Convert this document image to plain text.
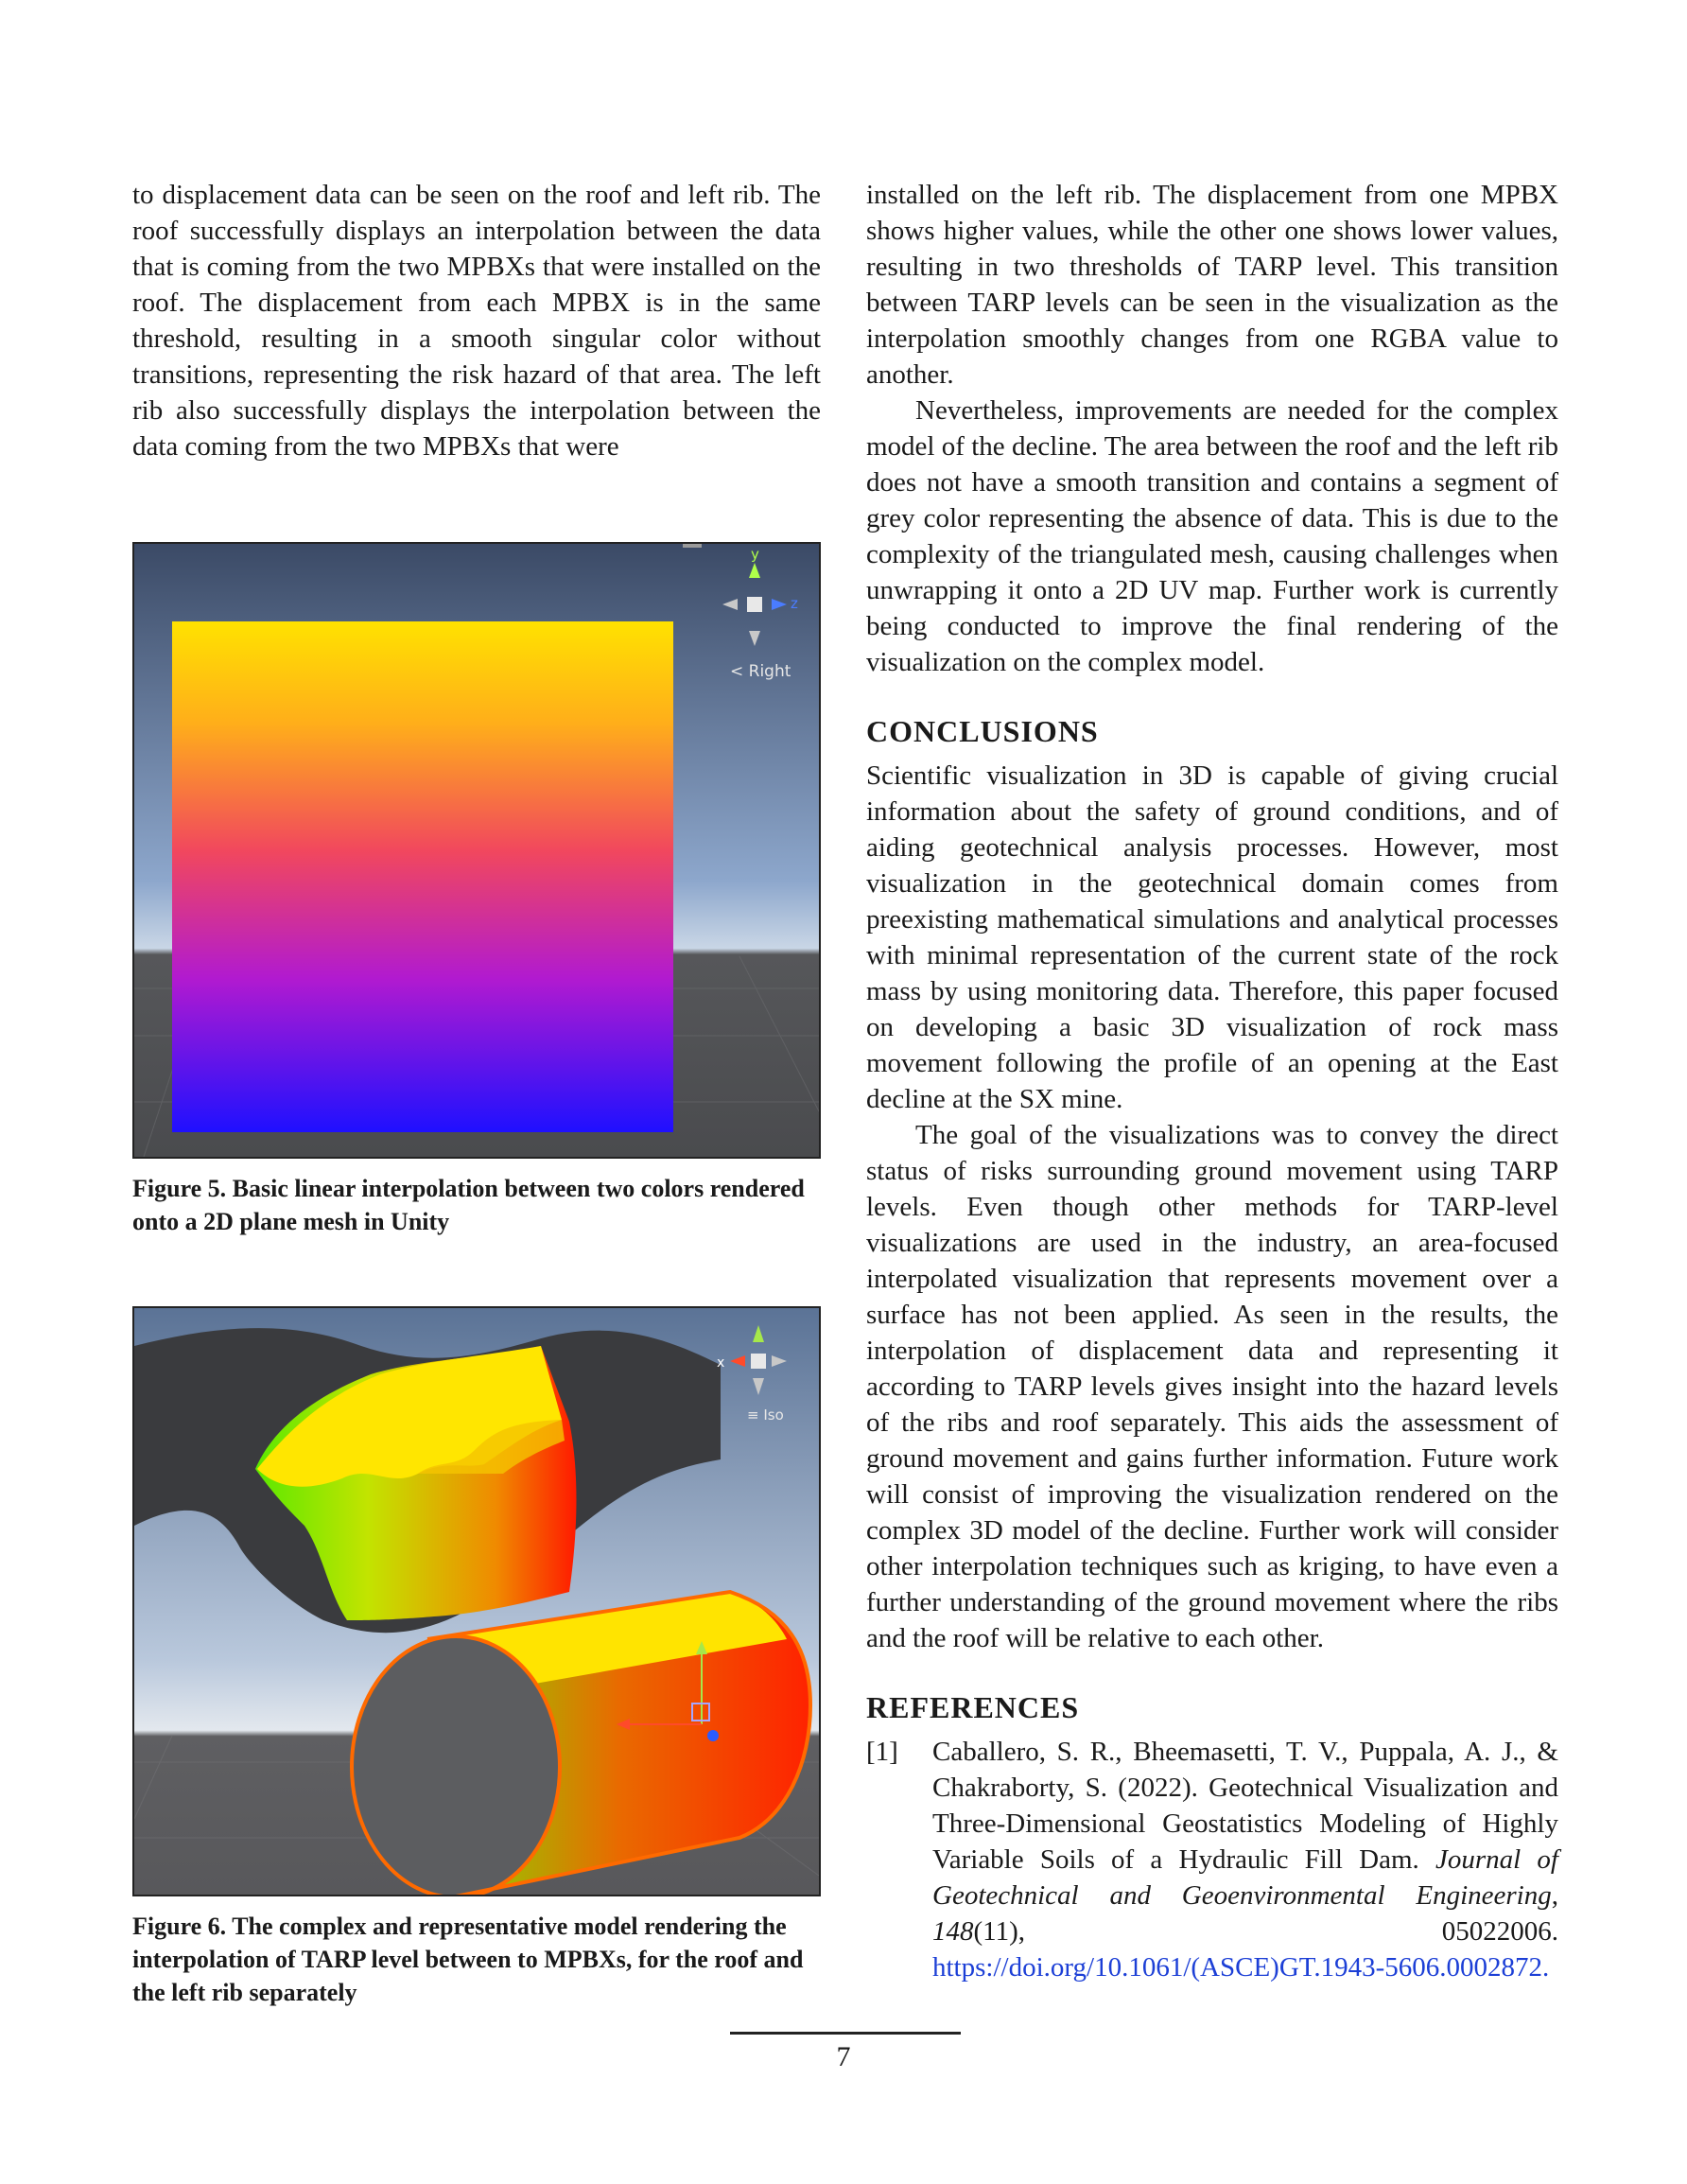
to displacement data can be seen on the roof and left rib. The roof successfully displays an interpolation between the data that is coming from the two MPBXs that were installed on the roof. The displacement from each MPBX is in the same threshold, resulting in a smooth singular color without transitions, representing the risk hazard of that area. The left rib also successfully displays the interpolation between the data coming from the two MPBXs that were

y
z
< Right

Figure 5. Basic linear interpolation between two colors rendered onto a 2D plane mesh in Unity

x
≡ Iso

Figure 6. The complex and representative model rendering the interpolation of TARP level between to MPBXs, for the roof and the left rib separately

installed on the left rib. The displacement from one MPBX shows higher values, while the other one shows lower values, resulting in two thresholds of TARP level. This transition between TARP levels can be seen in the visualization as the interpolation smoothly changes from one RGBA value to another.

Nevertheless, improvements are needed for the complex model of the decline. The area between the roof and the left rib does not have a smooth transition and contains a segment of grey color representing the absence of data. This is due to the complexity of the triangulated mesh, causing challenges when unwrapping it onto a 2D UV map. Further work is currently being conducted to improve the final rendering of the visualization on the complex model.

CONCLUSIONS

Scientific visualization in 3D is capable of giving crucial information about the safety of ground conditions, and of aiding geotechnical analysis processes. However, most visualization in the geotechnical domain comes from preexisting mathematical simulations and analytical processes with minimal representation of the current state of the rock mass by using monitoring data. Therefore, this paper focused on developing a basic 3D visualization of rock mass movement following the profile of an opening at the East decline at the SX mine.

The goal of the visualizations was to convey the direct status of risks surrounding ground movement using TARP levels. Even though other methods for TARP-level visualizations are used in the industry, an area-focused interpolated visualization that represents movement over a surface has not been applied. As seen in the results, the interpolation of displacement data and representing it according to TARP levels gives insight into the hazard levels of the ribs and roof separately. This aids the assessment of ground movement and gains further information. Future work will consist of improving the visualization rendered on the complex 3D model of the decline. Further work will consider other interpolation techniques such as kriging, to have even a further understanding of the ground movement where the ribs and the roof will be relative to each other.

REFERENCES
[1] Caballero, S. R., Bheemasetti, T. V., Puppala, A. J., & Chakraborty, S. (2022). Geotechnical Visualization and Three-Dimensional Geostatistics Modeling of Highly Variable Soils of a Hydraulic Fill Dam. Journal of Geotechnical and Geoenvironmental Engineering, 148(11), 05022006. https://doi.org/10.1061/(ASCE)GT.1943-5606.0002872.
7
